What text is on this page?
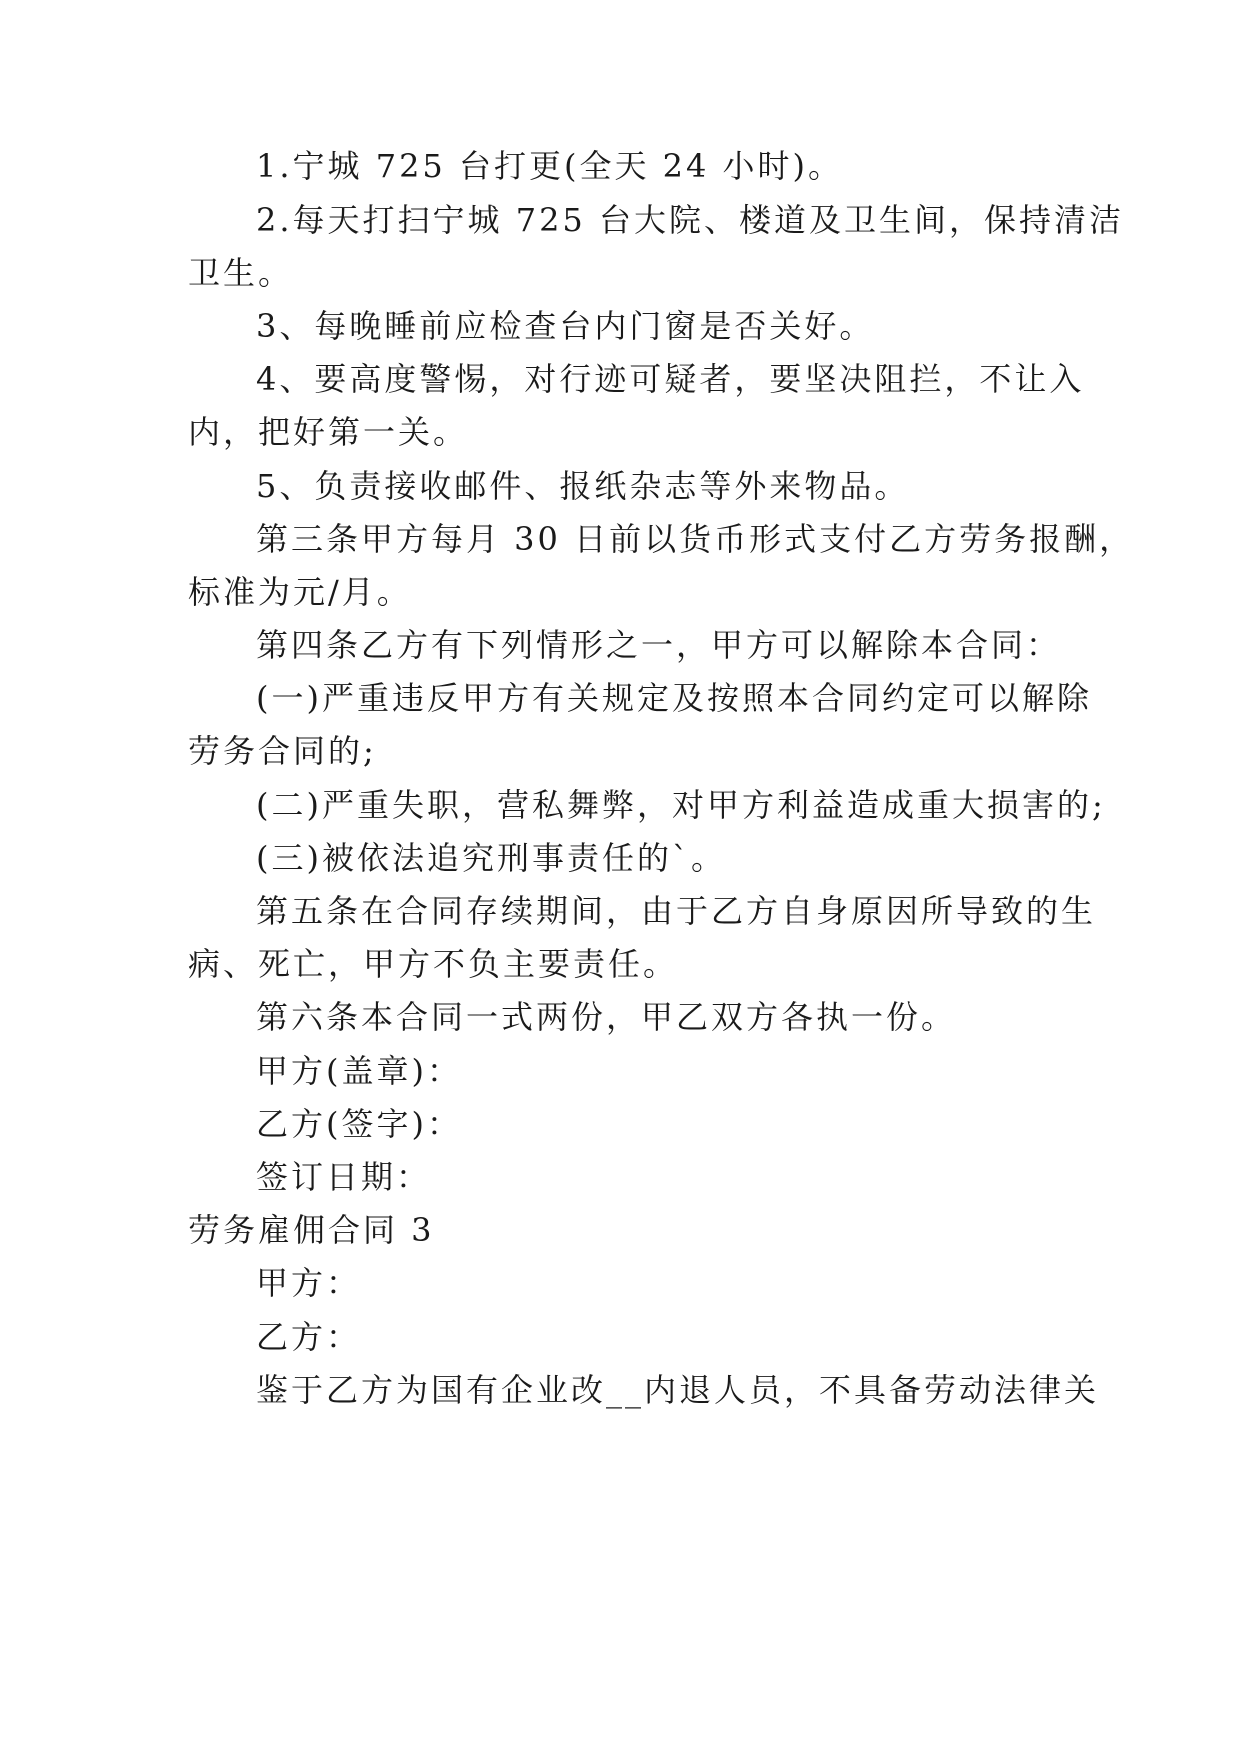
1.宁城 725 台打更(全天 24 小时)。
2.每天打扫宁城 725 台大院、楼道及卫生间，保持清洁
卫生。
3、每晚睡前应检查台内门窗是否关好。
4、要高度警惕，对行迹可疑者，要坚决阻拦，不让入
内，把好第一关。
5、负责接收邮件、报纸杂志等外来物品。
第三条甲方每月 30 日前以货币形式支付乙方劳务报酬，
标准为元/月。
第四条乙方有下列情形之一，甲方可以解除本合同：
(一)严重违反甲方有关规定及按照本合同约定可以解除
劳务合同的;
(二)严重失职，营私舞弊，对甲方利益造成重大损害的;
(三)被依法追究刑事责任的`。
第五条在合同存续期间，由于乙方自身原因所导致的生
病、死亡，甲方不负主要责任。
第六条本合同一式两份，甲乙双方各执一份。
甲方(盖章)：
乙方(签字)：
签订日期：
劳务雇佣合同 3
甲方：
乙方：
鉴于乙方为国有企业改__内退人员，不具备劳动法律关
